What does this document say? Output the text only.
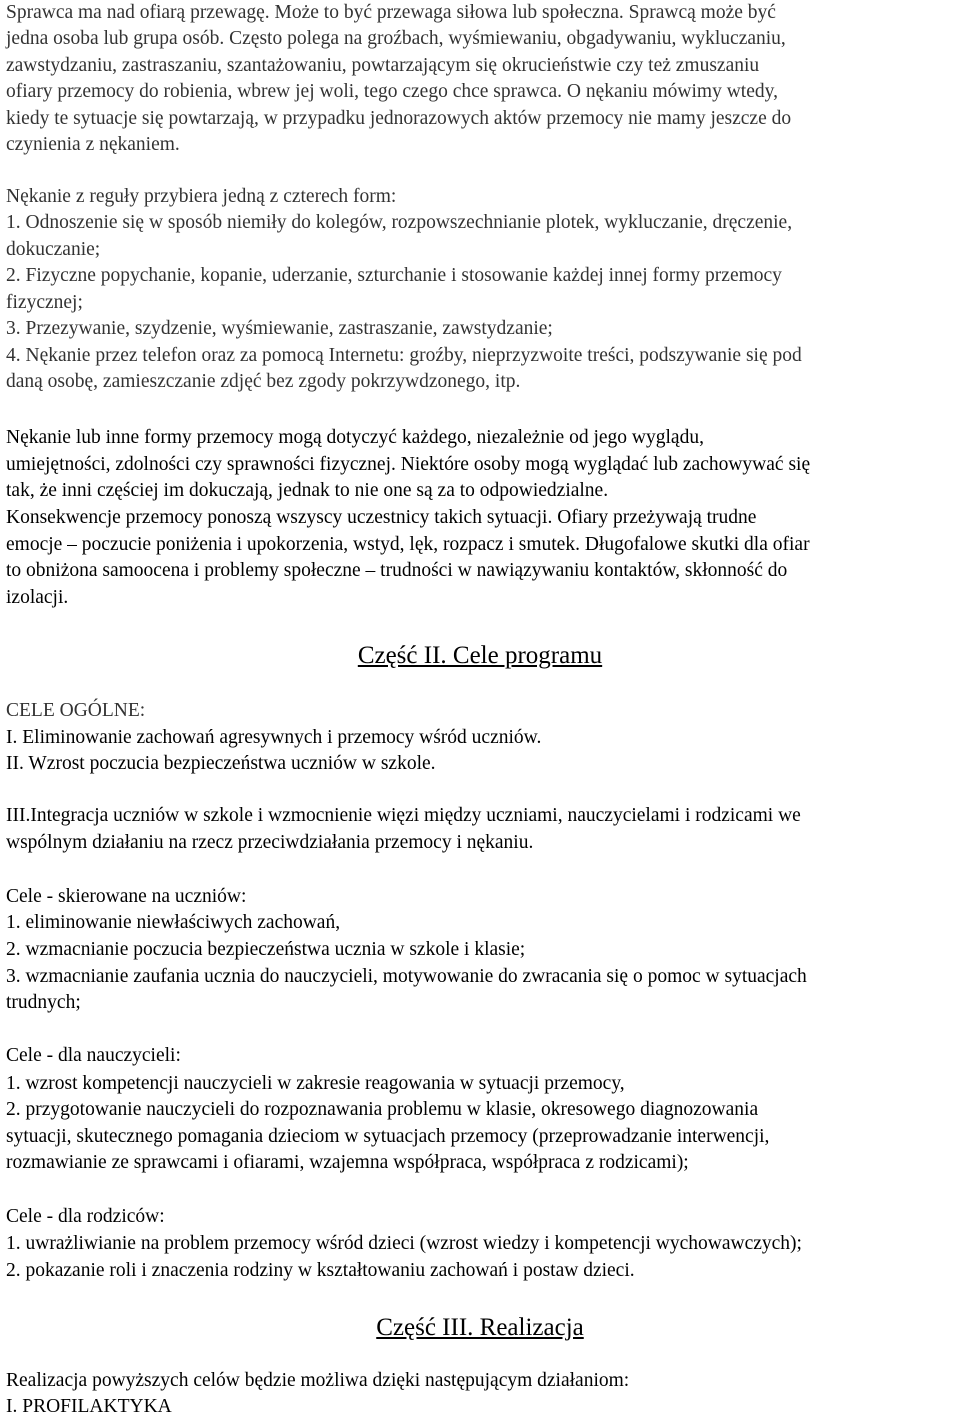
Sprawca ma nad ofiarą przewagę. Może to być przewaga siłowa lub społeczna. Sprawcą może być
jedna osoba lub grupa osób. Często polega na groźbach, wyśmiewaniu, obgadywaniu, wykluczaniu,
zawstydzaniu, zastraszaniu, szantażowaniu, powtarzającym się okrucieństwie czy też zmuszaniu
ofiary przemocy do robienia, wbrew jej woli, tego czego chce sprawca. O nękaniu mówimy wtedy,
kiedy te sytuacje się powtarzają, w przypadku jednorazowych aktów przemocy nie mamy jeszcze do
czynienia z nękaniem.
Nękanie z reguły przybiera jedną z czterech form:
1. Odnoszenie się w sposób niemiły do kolegów, rozpowszechnianie plotek, wykluczanie, dręczenie,
dokuczanie;
2. Fizyczne popychanie, kopanie, uderzanie, szturchanie i stosowanie każdej innej formy przemocy
fizycznej;
3. Przezywanie, szydzenie, wyśmiewanie, zastraszanie, zawstydzanie;
4. Nękanie przez telefon oraz za pomocą Internetu: groźby, nieprzyzwoite treści, podszywanie się pod
daną osobę, zamieszczanie zdjęć bez zgody pokrzywdzonego, itp.
Nękanie lub inne formy przemocy mogą dotyczyć każdego, niezależnie od jego wyglądu,
umiejętności, zdolności czy sprawności fizycznej. Niektóre osoby mogą wyglądać lub zachowywać się
tak, że inni częściej im dokuczają, jednak to nie one są za to odpowiedzialne.
Konsekwencje przemocy ponoszą wszyscy uczestnicy takich sytuacji. Ofiary przeżywają trudne
emocje – poczucie poniżenia i upokorzenia, wstyd, lęk, rozpacz i smutek. Długofalowe skutki dla ofiar
to obniżona samoocena i problemy społeczne – trudności w nawiązywaniu kontaktów, skłonność do
izolacji.
Część II. Cele programu
CELE OGÓLNE:
I. Eliminowanie zachowań agresywnych i przemocy wśród uczniów.
II. Wzrost poczucia bezpieczeństwa uczniów w szkole.
III.Integracja uczniów w szkole i wzmocnienie więzi między uczniami, nauczycielami i rodzicami we
wspólnym działaniu na rzecz przeciwdziałania przemocy i nękaniu.
Cele - skierowane na uczniów:
1. eliminowanie niewłaściwych zachowań,
2. wzmacnianie poczucia bezpieczeństwa ucznia w szkole i klasie;
3. wzmacnianie zaufania ucznia do nauczycieli, motywowanie do zwracania się o pomoc w sytuacjach
trudnych;
Cele - dla nauczycieli:
1. wzrost kompetencji nauczycieli w zakresie reagowania w sytuacji przemocy,
2. przygotowanie nauczycieli do rozpoznawania problemu w klasie, okresowego diagnozowania
sytuacji, skutecznego pomagania dzieciom w sytuacjach przemocy (przeprowadzanie interwencji,
rozmawianie ze sprawcami i ofiarami, wzajemna współpraca, współpraca z rodzicami);
Cele - dla rodziców:
1. uwrażliwianie na problem przemocy wśród dzieci (wzrost wiedzy i kompetencji wychowawczych);
2. pokazanie roli i znaczenia rodziny w kształtowaniu zachowań i postaw dzieci.
Część III. Realizacja
Realizacja powyższych celów będzie możliwa dzięki następującym działaniom:
I. PROFILAKTYKA
